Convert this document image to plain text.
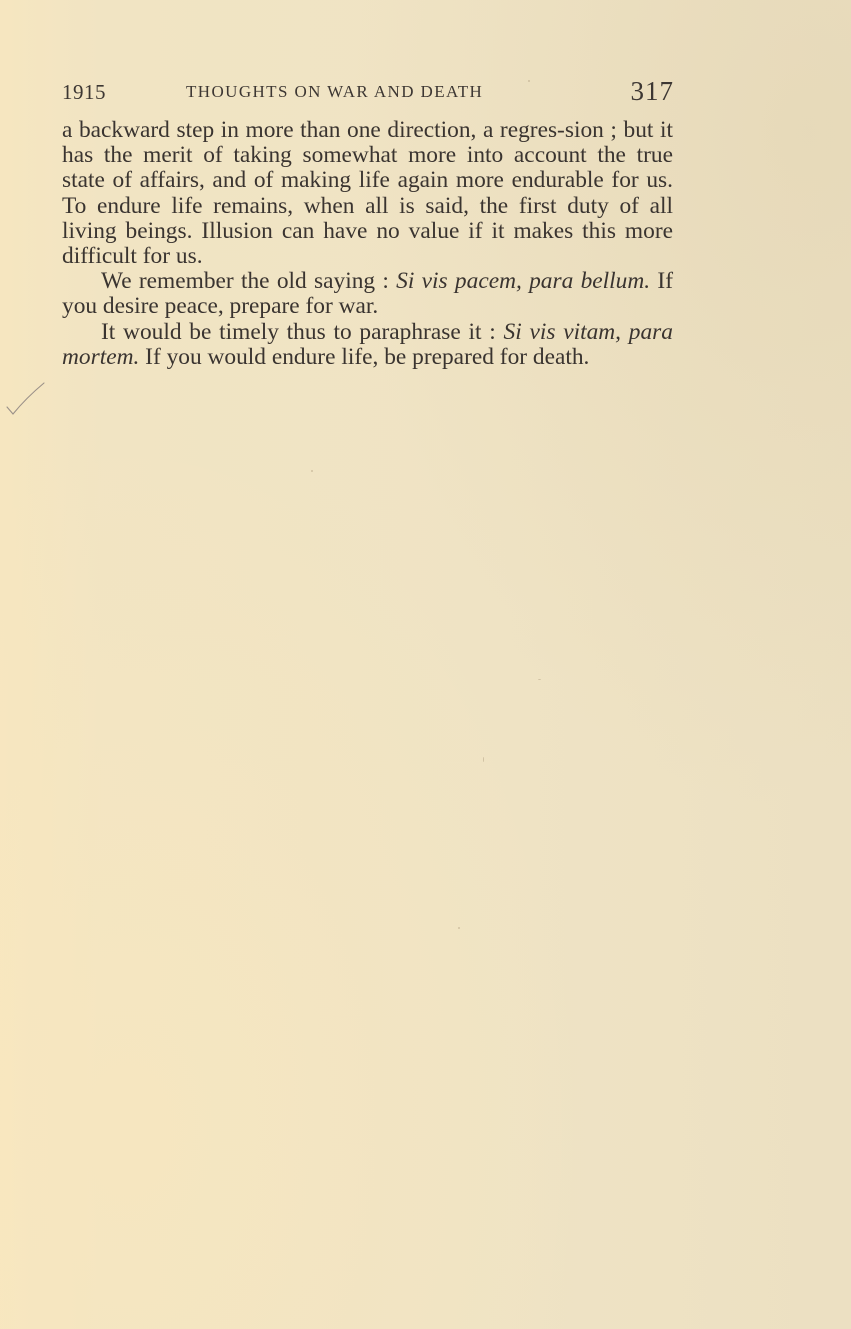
1915	THOUGHTS ON WAR AND DEATH	317

a backward step in more than one direction, a regres-sion ; but it has the merit of taking somewhat more into account the true state of affairs, and of making life again more endurable for us. To endure life remains, when all is said, the first duty of all living beings. Illusion can have no value if it makes this more difficult for us.

We remember the old saying : Si vis pacem, para bellum. If you desire peace, prepare for war.

It would be timely thus to paraphrase it : Si vis vitam, para mortem. If you would endure life, be prepared for death.
